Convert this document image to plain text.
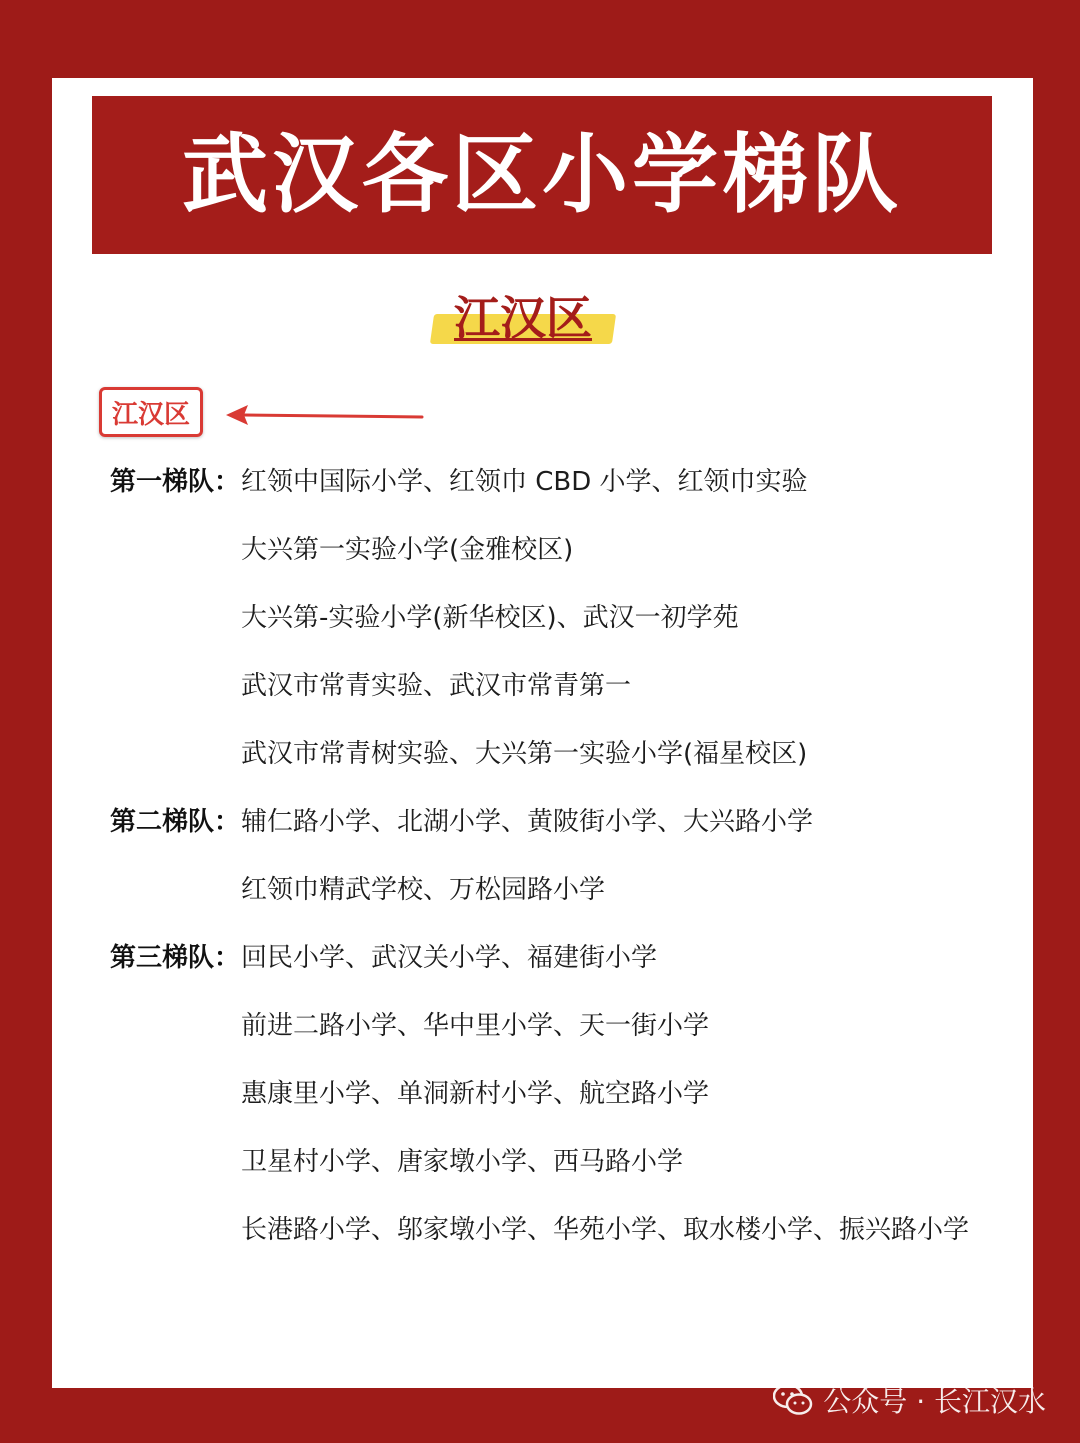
武汉各区小学梯队
江汉区
江汉区
第一梯队： 红领中国际小学、红领巾 CBD 小学、红领巾实验
大兴第一实验小学(金雅校区)
大兴第-实验小学(新华校区)、武汉一初学苑
武汉市常青实验、武汉市常青第一
武汉市常青树实验、大兴第一实验小学(福星校区)
第二梯队： 辅仁路小学、北湖小学、黄陂街小学、大兴路小学
红领巾精武学校、万松园路小学
第三梯队： 回民小学、武汉关小学、福建街小学
前进二路小学、华中里小学、天一街小学
惠康里小学、单洞新村小学、航空路小学
卫星村小学、唐家墩小学、西马路小学
长港路小学、邬家墩小学、华苑小学、取水楼小学、振兴路小学
公众号 · 长江汉水
